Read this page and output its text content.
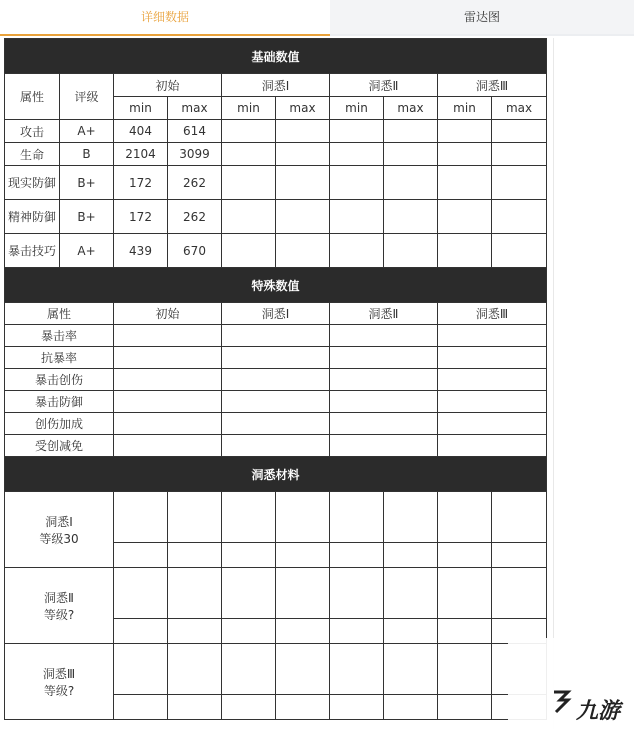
详细数据	雷达图
基础数值									
属性	评级	初始		洞悉Ⅰ		洞悉Ⅱ		洞悉Ⅲ	
		min	max	min	max	min	max	min	max
攻击	A+	404	614						
生命	B	2104	3099						
现实防御	B+	172	262						
精神防御	B+	172	262						
暴击技巧	A+	439	670						
特殊数值									
属性		初始		洞悉Ⅰ		洞悉Ⅱ		洞悉Ⅲ	
暴击率									
抗暴率									
暴击创伤									
暴击防御									
创伤加成									
受创减免									
洞悉材料									
洞悉Ⅰ
等级30									

洞悉Ⅱ
等级?									

洞悉Ⅲ
等级?									

九游
